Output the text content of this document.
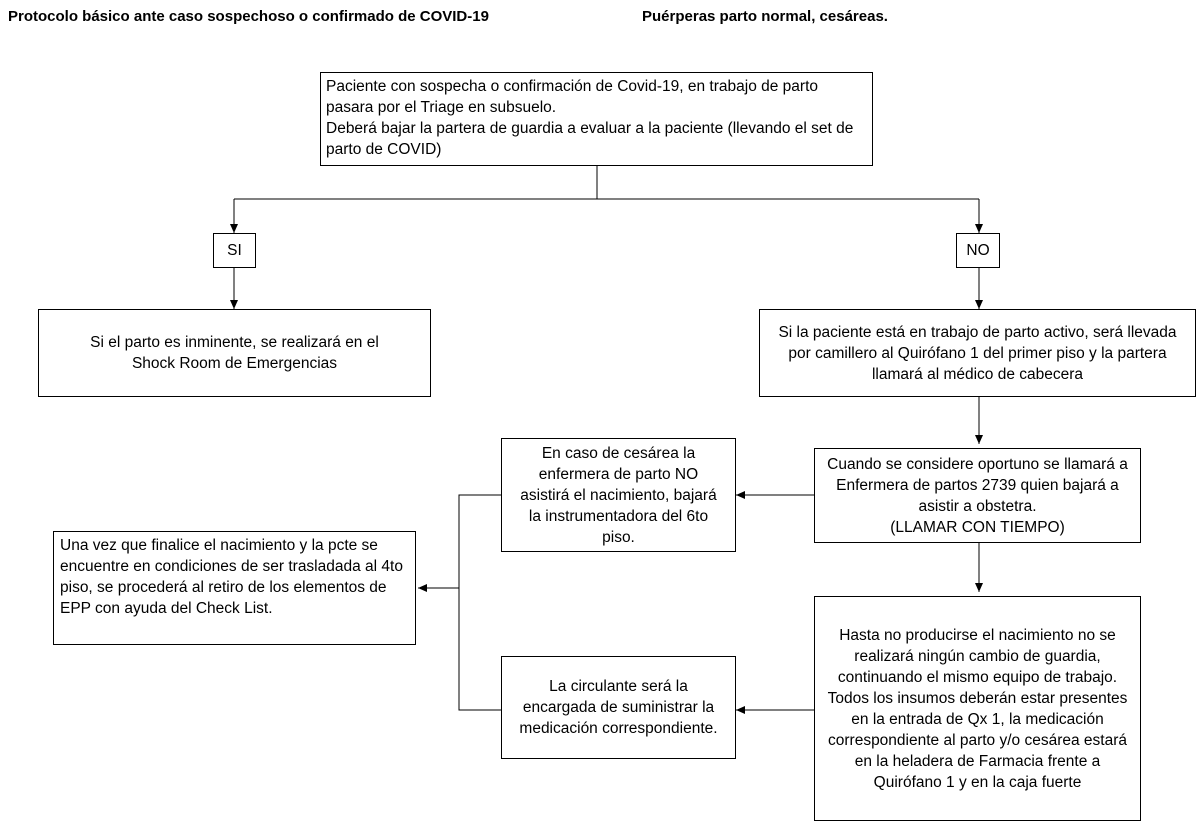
Protocolo básico ante caso sospechoso o confirmado de COVID-19	Puérperas parto normal, cesáreas.

Paciente con sospecha o confirmación de Covid-19, en trabajo de parto pasara por el Triage en subsuelo.

Deberá bajar la partera de guardia a evaluar a la paciente (llevando el set de parto de COVID)

SI	NO
Si el parto es inminente, se realizará en el Shock Room de Emergencias
Si la paciente está en trabajo de parto activo, será llevada por camillero al Quirófano 1 del primer piso y la partera llamará al médico de cabecera
Cuando se considere oportuno se llamará a Enfermera de partos 2739 quien bajará a asistir a obstetra.
(LLAMAR CON TIEMPO)
En caso de cesárea la enfermera de parto NO asistirá el nacimiento, bajará la instrumentadora del 6to piso.
Una vez que finalice el nacimiento y la pcte se encuentre en condiciones de ser trasladada al 4to piso, se procederá al retiro de los elementos de EPP con ayuda del Check List.
Hasta no producirse el nacimiento no se realizará ningún cambio de guardia, continuando el mismo equipo de trabajo.
Todos los insumos deberán estar presentes en la entrada de Qx 1, la medicación correspondiente al parto y/o cesárea estará en la heladera de Farmacia frente a Quirófano 1 y en la caja fuerte
La circulante será la encargada de suministrar la medicación correspondiente.
